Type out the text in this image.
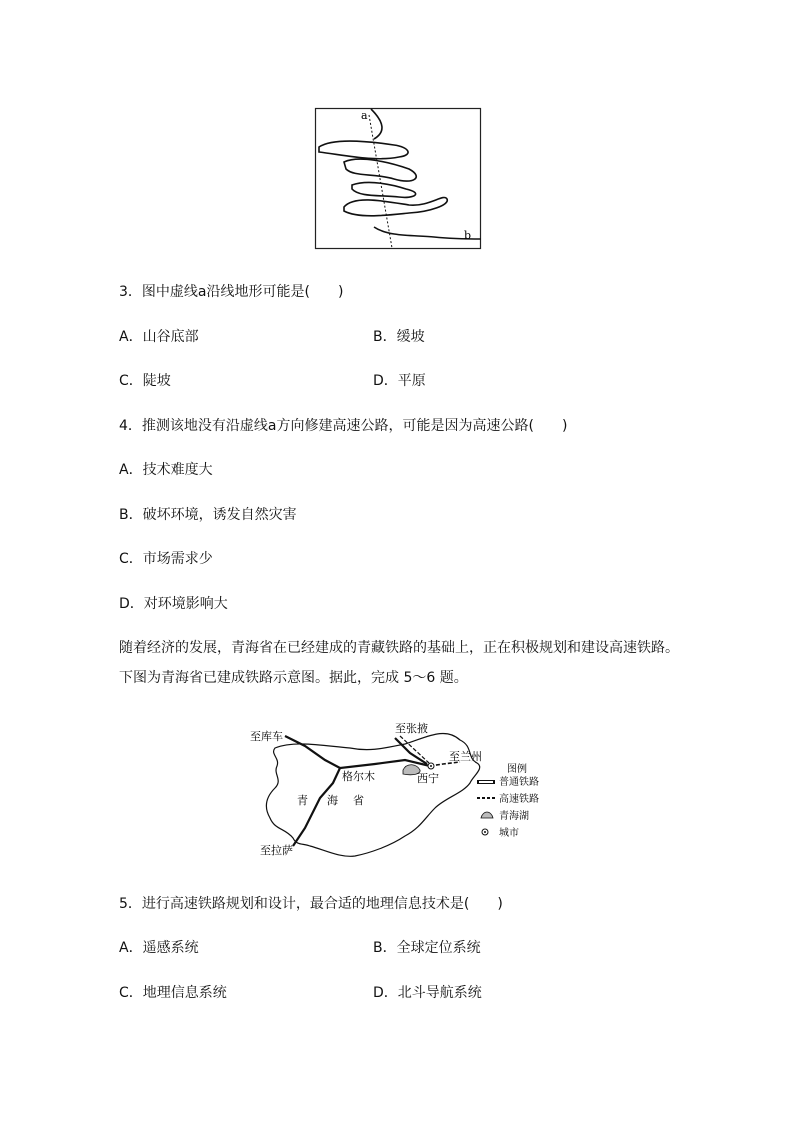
a
b
3．图中虚线a沿线地形可能是(　　)
A．山谷底部	B．缓坡
C．陡坡	D．平原
4．推测该地没有沿虚线a方向修建高速公路，可能是因为高速公路(　　)
A．技术难度大
B．破坏环境，诱发自然灾害
C．市场需求少
D．对环境影响大
随着经济的发展，青海省在已经建成的青藏铁路的基础上，正在积极规划和建设高速铁路。
下图为青海省已建成铁路示意图。据此，完成 5～6 题。
至库车
至张掖
至兰州
格尔木	西宁
青 海 省
至拉萨
图例
普通铁路
高速铁路
青海湖
城市
5．进行高速铁路规划和设计，最合适的地理信息技术是(　　)
A．遥感系统	B．全球定位系统
C．地理信息系统	D．北斗导航系统
